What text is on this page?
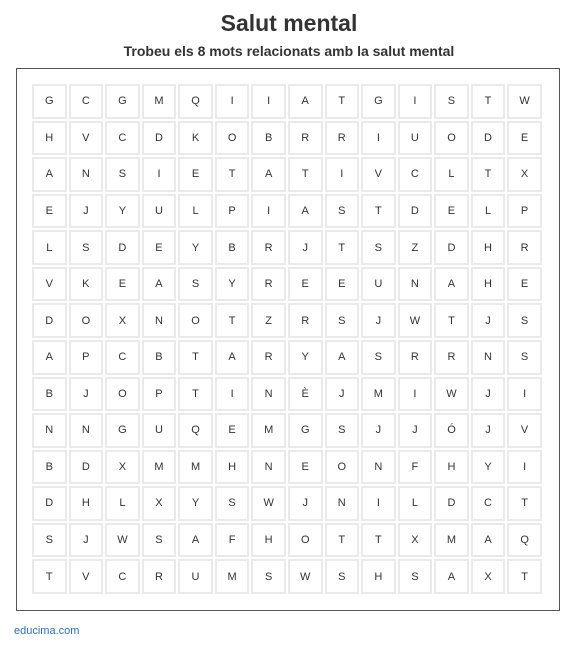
Salut mental
Trobeu els 8 mots relacionats amb la salut mental
G	C	G	M	Q	I	I	A	T	G	I	S	T	W
H	V	C	D	K	O	B	R	R	I	U	O	D	E
A	N	S	I	E	T	A	T	I	V	C	L	T	X
E	J	Y	U	L	P	I	A	S	T	D	E	L	P
L	S	D	E	Y	B	R	J	T	S	Z	D	H	R
V	K	E	A	S	Y	R	E	E	U	N	A	H	E
D	O	X	N	O	T	Z	R	S	J	W	T	J	S
A	P	C	B	T	A	R	Y	A	S	R	R	N	S
B	J	O	P	T	I	N	È	J	M	I	W	J	I
N	N	G	U	Q	E	M	G	S	J	J	Ó	J	V
B	D	X	M	M	H	N	E	O	N	F	H	Y	I
D	H	L	X	Y	S	W	J	N	I	L	D	C	T
S	J	W	S	A	F	H	O	T	T	X	M	A	Q
T	V	C	R	U	M	S	W	S	H	S	A	X	T
educima.com
